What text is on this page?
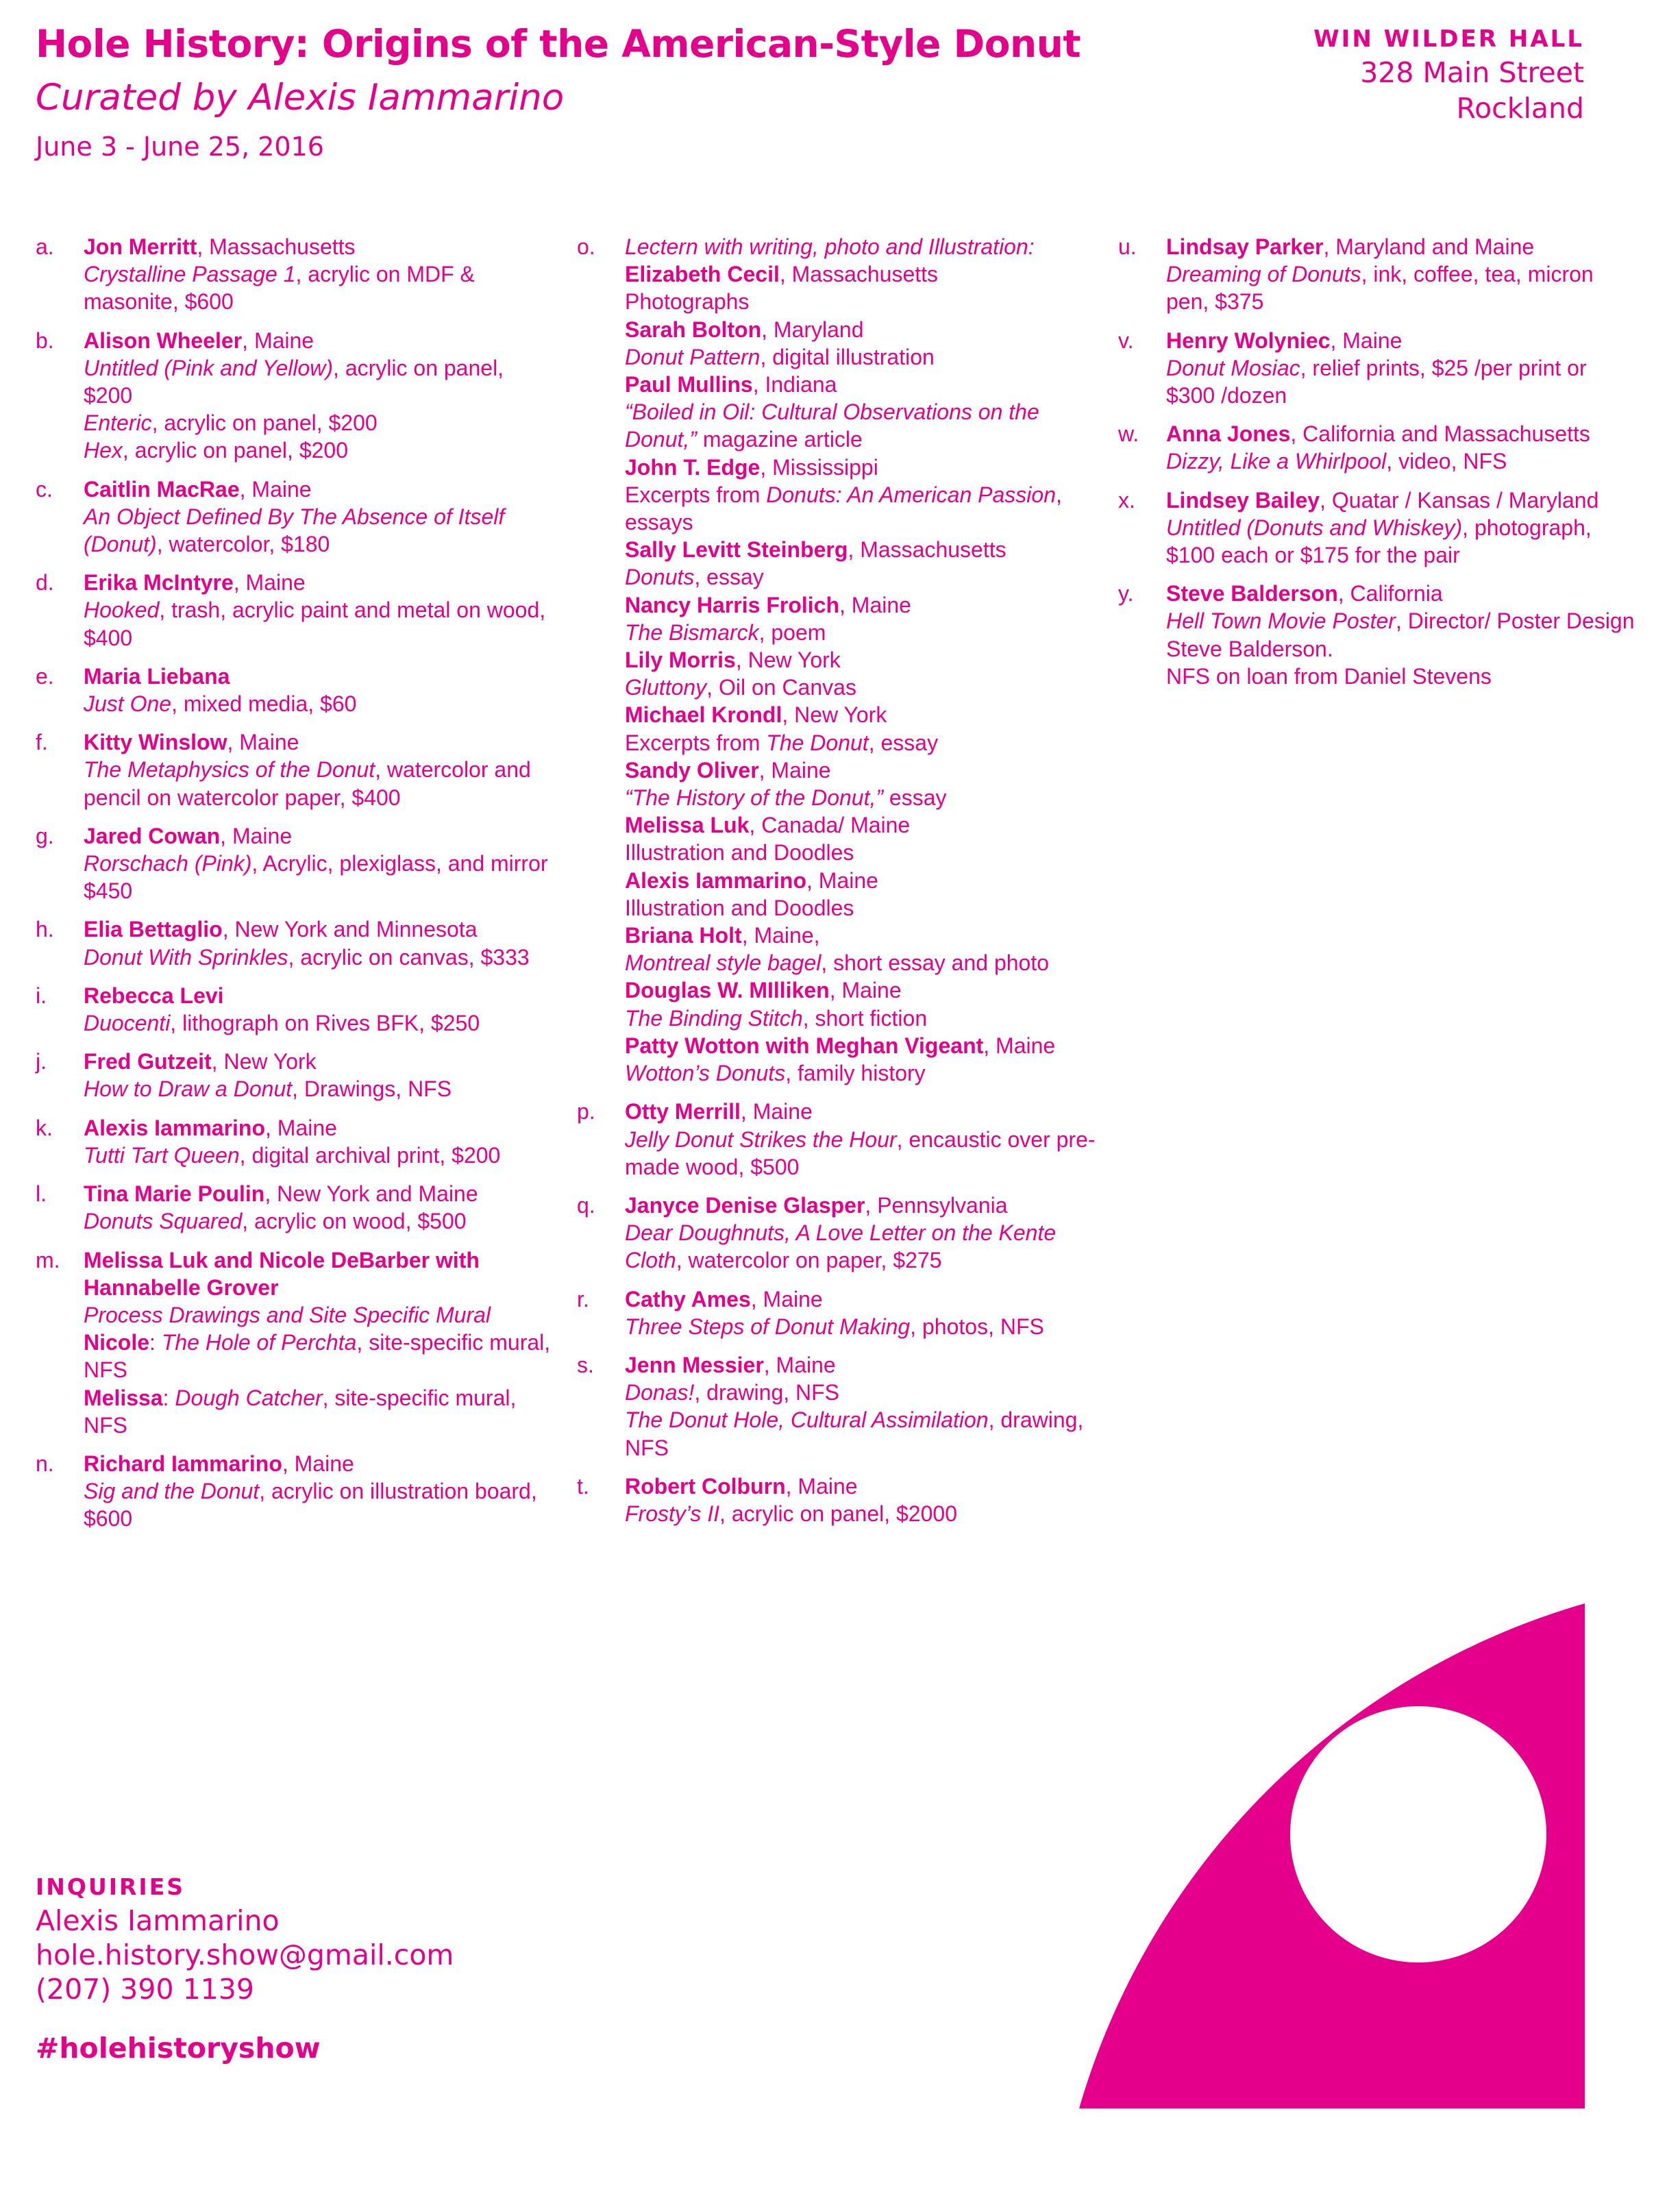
Hole History: Origins of the American-Style Donut
Curated by Alexis Iammarino
June 3 - June 25, 2016
WIN WILDER HALL
328 Main Street
Rockland
a. Jon Merritt, Massachusetts
Crystalline Passage 1, acrylic on MDF & masonite, $600
b. Alison Wheeler, Maine
Untitled (Pink and Yellow), acrylic on panel, $200
Enteric, acrylic on panel, $200
Hex, acrylic on panel, $200
c. Caitlin MacRae, Maine
An Object Defined By The Absence of Itself (Donut), watercolor, $180
d. Erika McIntyre, Maine
Hooked, trash, acrylic paint and metal on wood, $400
e. Maria Liebana
Just One, mixed media, $60
f. Kitty Winslow, Maine
The Metaphysics of the Donut, watercolor and pencil on watercolor paper, $400
g. Jared Cowan, Maine
Rorschach (Pink), Acrylic, plexiglass, and mirror $450
h. Elia Bettaglio, New York and Minnesota
Donut With Sprinkles, acrylic on canvas, $333
i. Rebecca Levi
Duocenti, lithograph on Rives BFK, $250
j. Fred Gutzeit, New York
How to Draw a Donut, Drawings, NFS
k. Alexis Iammarino, Maine
Tutti Tart Queen, digital archival print, $200
l. Tina Marie Poulin, New York and Maine
Donuts Squared, acrylic on wood, $500
m. Melissa Luk and Nicole DeBarber with Hannabelle Grover
Process Drawings and Site Specific Mural
Nicole: The Hole of Perchta, site-specific mural, NFS
Melissa: Dough Catcher, site-specific mural, NFS
n. Richard Iammarino, Maine
Sig and the Donut, acrylic on illustration board, $600
o. Lectern with writing, photo and Illustration:
Elizabeth Cecil, Massachusetts
Photographs
Sarah Bolton, Maryland
Donut Pattern, digital illustration
Paul Mullins, Indiana
“Boiled in Oil: Cultural Observations on the Donut,” magazine article
John T. Edge, Mississippi
Excerpts from Donuts: An American Passion, essays
Sally Levitt Steinberg, Massachusetts
Donuts, essay
Nancy Harris Frolich, Maine
The Bismarck, poem
Lily Morris, New York
Gluttony, Oil on Canvas
Michael Krondl, New York
Excerpts from The Donut, essay
Sandy Oliver, Maine
“The History of the Donut,” essay
Melissa Luk, Canada/ Maine
Illustration and Doodles
Alexis Iammarino, Maine
Illustration and Doodles
Briana Holt, Maine,
Montreal style bagel, short essay and photo
Douglas W. MIlliken, Maine
The Binding Stitch, short fiction
Patty Wotton with Meghan Vigeant, Maine
Wotton’s Donuts, family history
p. Otty Merrill, Maine
Jelly Donut Strikes the Hour, encaustic over pre-made wood, $500
q. Janyce Denise Glasper, Pennsylvania
Dear Doughnuts, A Love Letter on the Kente Cloth, watercolor on paper, $275
r. Cathy Ames, Maine
Three Steps of Donut Making, photos, NFS
s. Jenn Messier, Maine
Donas!, drawing, NFS
The Donut Hole, Cultural Assimilation, drawing, NFS
t. Robert Colburn, Maine
Frosty’s II, acrylic on panel, $2000
u. Lindsay Parker, Maryland and Maine
Dreaming of Donuts, ink, coffee, tea, micron pen, $375
v. Henry Wolyniec, Maine
Donut Mosiac, relief prints, $25 /per print or $300 /dozen
w. Anna Jones, California and Massachusetts
Dizzy, Like a Whirlpool, video, NFS
x. Lindsey Bailey, Quatar / Kansas / Maryland
Untitled (Donuts and Whiskey), photograph, $100 each or $175 for the pair
y. Steve Balderson, California
Hell Town Movie Poster, Director/ Poster Design Steve Balderson.
NFS on loan from Daniel Stevens
INQUIRIES
Alexis Iammarino
hole.history.show@gmail.com
(207) 390 1139
#holehistoryshow
